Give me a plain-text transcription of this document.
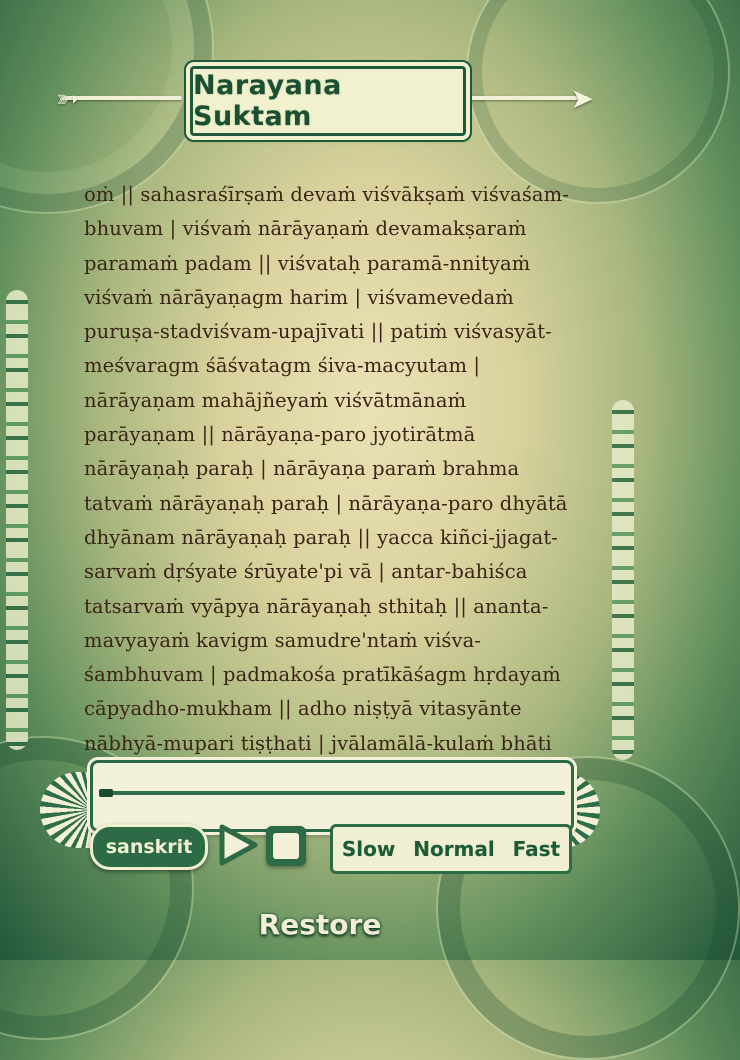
➳	➤
Narayana Suktam
oṁ || sahasraśīrṣaṁ devaṁ viśvākṣaṁ viśvaśam-
bhuvam | viśvaṁ nārāyaṇaṁ devamakṣaraṁ
paramaṁ padam || viśvataḥ paramā-nnityaṁ
viśvaṁ nārāyaṇagm harim | viśvamevedaṁ
puruṣa-stadviśvam-upajīvati || patiṁ viśvasyāt-
meśvaragm śāśvatagm śiva-macyutam |
nārāyaṇam mahājñeyaṁ viśvātmānaṁ
parāyaṇam || nārāyaṇa-paro jyotirātmā
nārāyaṇaḥ paraḥ | nārāyaṇa paraṁ brahma
tatvaṁ nārāyaṇaḥ paraḥ | nārāyaṇa-paro dhyātā
dhyānam nārāyaṇaḥ paraḥ || yacca kiñci-jjagat-
sarvaṁ dṛśyate śrūyate'pi vā | antar-bahiśca
tatsarvaṁ vyāpya nārāyaṇaḥ sthitaḥ || ananta-
mavyayaṁ kavigm samudre'ntaṁ viśva-
śambhuvam | padmakośa pratīkāśagm hṛdayaṁ
cāpyadho-mukham || adho niṣṭyā vitasyānte
nābhyā-mupari tiṣṭhati | jvālamālā-kulaṁ bhāti
sanskrit	Slow Normal Fast
Restore
